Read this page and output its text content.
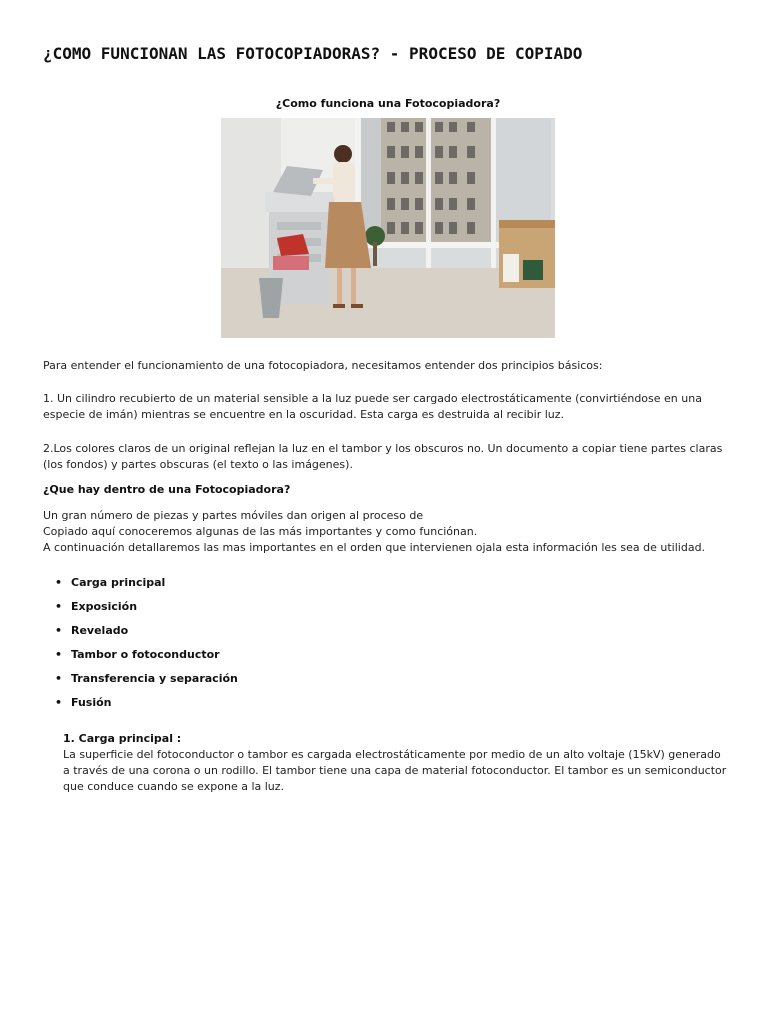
¿COMO FUNCIONAN LAS FOTOCOPIADORAS? - PROCESO DE COPIADO
¿Como funciona una Fotocopiadora?

Para entender el funcionamiento de una fotocopiadora, necesitamos entender dos principios básicos:

1. Un cilindro recubierto de un material sensible a la luz puede ser cargado electrostáticamente (convirtiéndose en una
especie de imán) mientras se encuentre en la oscuridad. Esta carga es destruida al recibir luz.
2.Los colores claros de un original reflejan la luz en el tambor y los obscuros no. Un documento a copiar tiene partes claras
(los fondos) y partes obscuras (el texto o las imágenes).
¿Que hay dentro de una Fotocopiadora?
Un gran número de piezas y partes móviles dan origen al proceso de
Copiado aquí conoceremos algunas de las más importantes y como funciónan.
A continuación detallaremos las mas importantes en el orden que intervienen ojala esta información les sea de utilidad.
• Carga principal
• Exposición
• Revelado
• Tambor o fotoconductor
• Transferencia y separación
• Fusión
1. Carga principal :
La superficie del fotoconductor o tambor es cargada electrostáticamente por medio de un alto voltaje (15kV) generado
a través de una corona o un rodillo. El tambor tiene una capa de material fotoconductor. El tambor es un semiconductor
que conduce cuando se expone a la luz.
